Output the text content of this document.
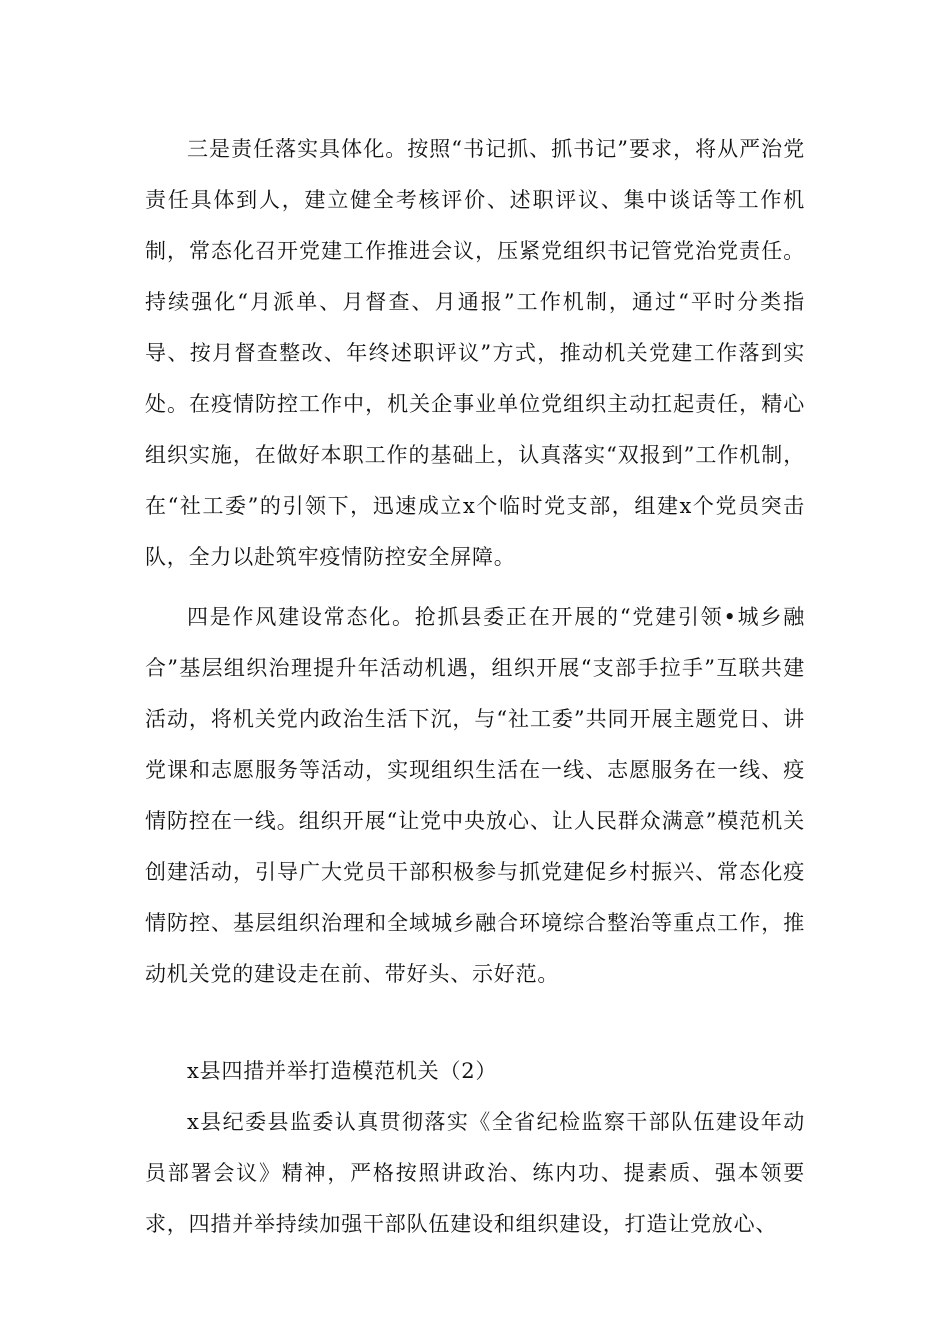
三是责任落实具体化。按照“书记抓、抓书记”要求，将从严治党责任具体到人，建立健全考核评价、述职评议、集中谈话等工作机制，常态化召开党建工作推进会议，压紧党组织书记管党治党责任。持续强化“月派单、月督查、月通报”工作机制，通过“平时分类指导、按月督查整改、年终述职评议”方式，推动机关党建工作落到实处。在疫情防控工作中，机关企事业单位党组织主动扛起责任，精心组织实施，在做好本职工作的基础上，认真落实“双报到”工作机制，在“社工委”的引领下，迅速成立x个临时党支部，组建x个党员突击队，全力以赴筑牢疫情防控安全屏障。

四是作风建设常态化。抢抓县委正在开展的“党建引领•城乡融合”基层组织治理提升年活动机遇，组织开展“支部手拉手”互联共建活动，将机关党内政治生活下沉，与“社工委”共同开展主题党日、讲党课和志愿服务等活动，实现组织生活在一线、志愿服务在一线、疫情防控在一线。组织开展“让党中央放心、让人民群众满意”模范机关创建活动，引导广大党员干部积极参与抓党建促乡村振兴、常态化疫情防控、基层组织治理和全域城乡融合环境综合整治等重点工作，推动机关党的建设走在前、带好头、示好范。

x县四措并举打造模范机关（2）

x县纪委县监委认真贯彻落实《全省纪检监察干部队伍建设年动员部署会议》精神，严格按照讲政治、练内功、提素质、强本领要求，四措并举持续加强干部队伍建设和组织建设，打造让党放心、
